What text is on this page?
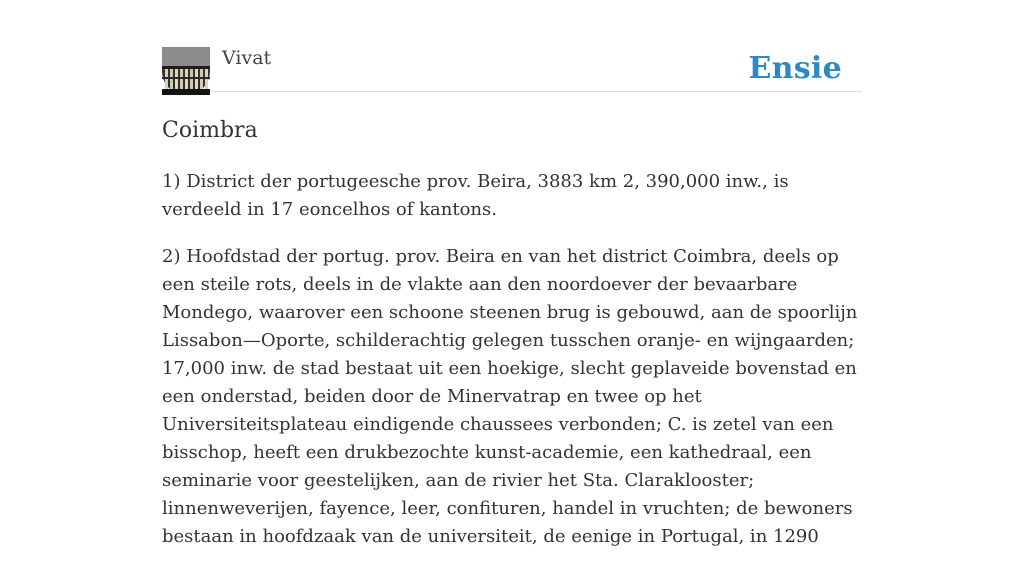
Vivat	Ensie
Coimbra

1) District der portugeesche prov. Beira, 3883 km 2, 390,000 inw., is verdeeld in 17 eoncelhos of kantons.

2) Hoofdstad der portug. prov. Beira en van het district Coimbra, deels op een steile rots, deels in de vlakte aan den noordoever der bevaarbare Mondego, waarover een schoone steenen brug is gebouwd, aan de spoorlijn Lissabon—Oporte, schilderachtig gelegen tusschen oranje- en wijngaarden; 17,000 inw. de stad bestaat uit een hoekige, slecht geplaveide bovenstad en een onderstad, beiden door de Minervatrap en twee op het Universiteitsplateau eindigende chaussees verbonden; C. is zetel van een bisschop, heeft een drukbezochte kunst-academie, een kathedraal, een seminarie voor geestelijken, aan de rivier het Sta. Claraklooster; linnenweverijen, fayence, leer, confituren, handel in vruchten; de bewoners bestaan in hoofdzaak van de universiteit, de eenige in Portugal, in 1290
